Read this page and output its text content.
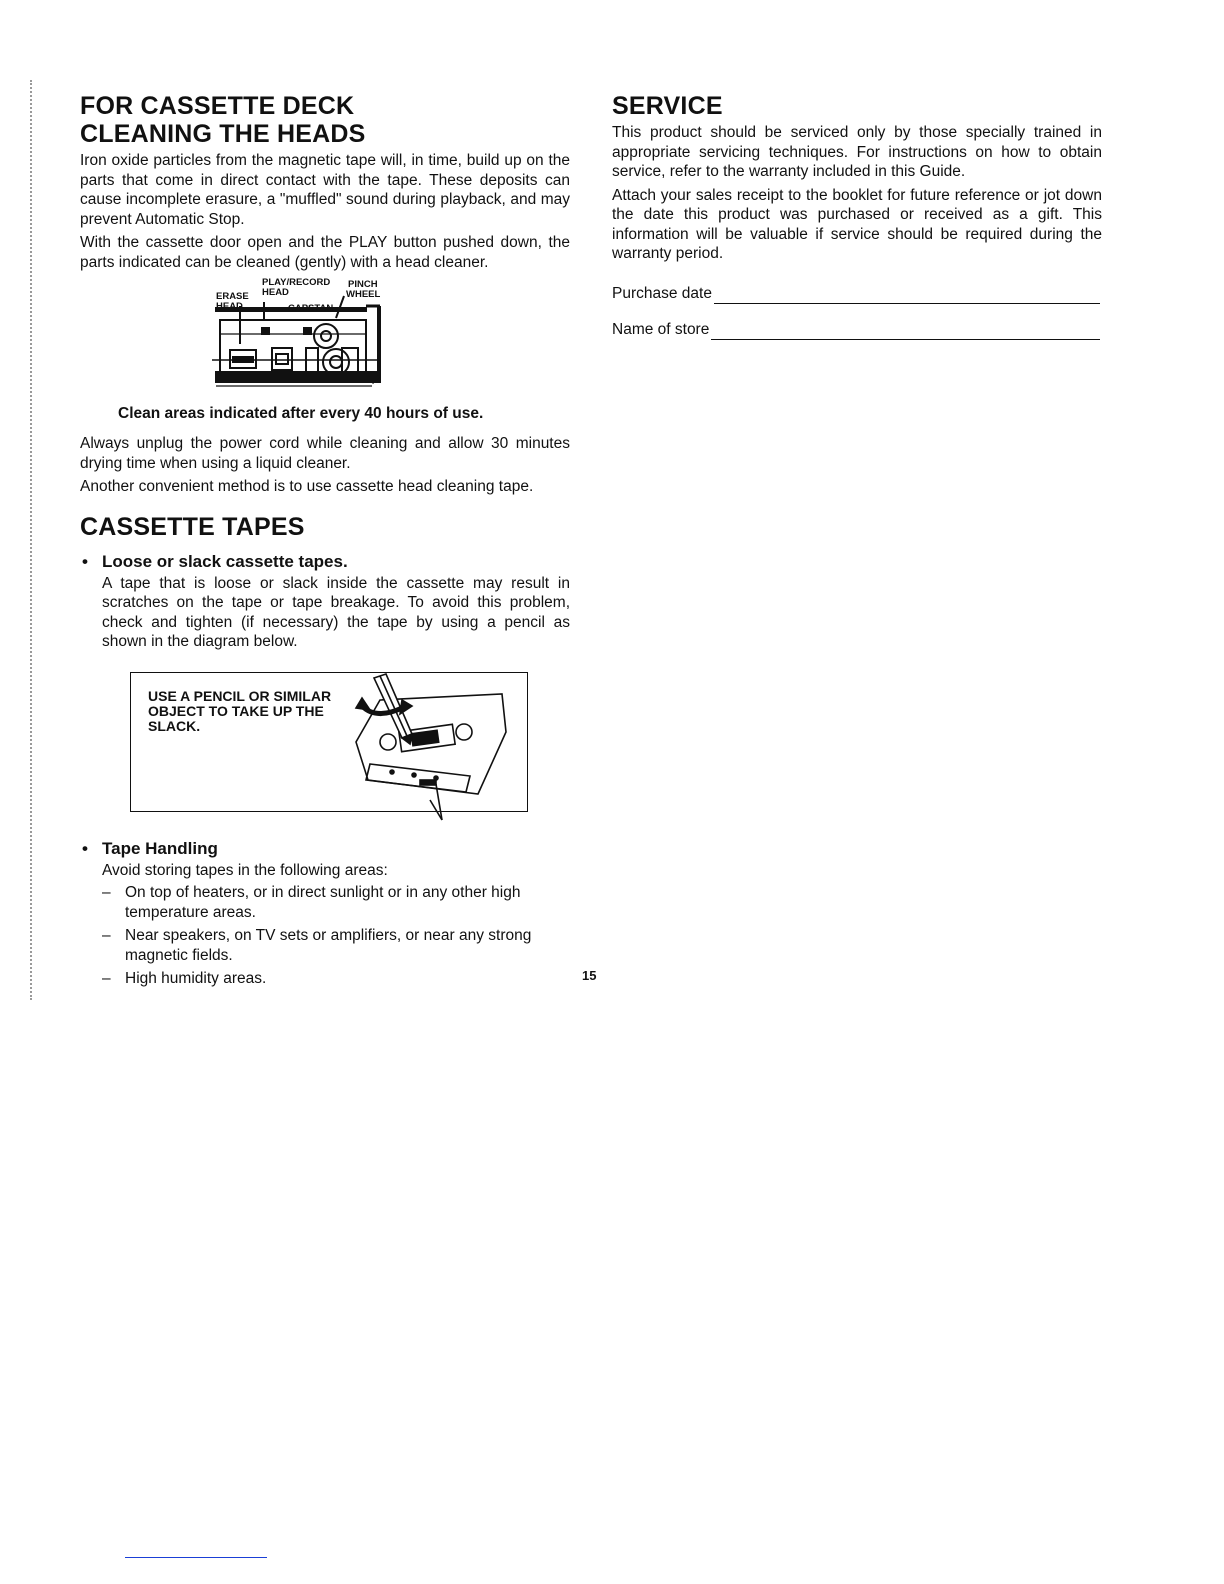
FOR CASSETTE DECK
CLEANING THE HEADS

Iron oxide particles from the magnetic tape will, in time, build up on the parts that come in direct contact with the tape. These deposits can cause incomplete erasure, a "muffled" sound during playback, and may prevent Automatic Stop.

With the cassette door open and the PLAY button pushed down, the parts indicated can be cleaned (gently) with a head cleaner.

PLAY/RECORD
HEAD
PINCH
WHEEL
ERASE
HEAD	CAPSTAN
Clean areas indicated after every 40 hours of use.

Always unplug the power cord while cleaning and allow 30 minutes drying time when using a liquid cleaner.

Another convenient method is to use cassette head cleaning tape.

CASSETTE TAPES
• Loose or slack cassette tapes.

A tape that is loose or slack inside the cassette may result in scratches on the tape or tape breakage. To avoid this problem, check and tighten (if necessary) the tape by using a pencil as shown in the diagram below.

USE A PENCIL OR SIMILAR
OBJECT TO TAKE UP THE
SLACK.
• Tape Handling

Avoid storing tapes in the following areas:

– On top of heaters, or in direct sunlight or in any other high temperature areas.
– Near speakers, on TV sets or amplifiers, or near any strong magnetic fields.
– High humidity areas.	15
SERVICE

This product should be serviced only by those specially trained in appropriate servicing techniques. For instructions on how to obtain service, refer to the warranty included in this Guide.

Attach your sales receipt to the booklet for future reference or jot down the date this product was purchased or received as a gift. This information will be valuable if service should be required during the warranty period.

Purchase date
Name of store
